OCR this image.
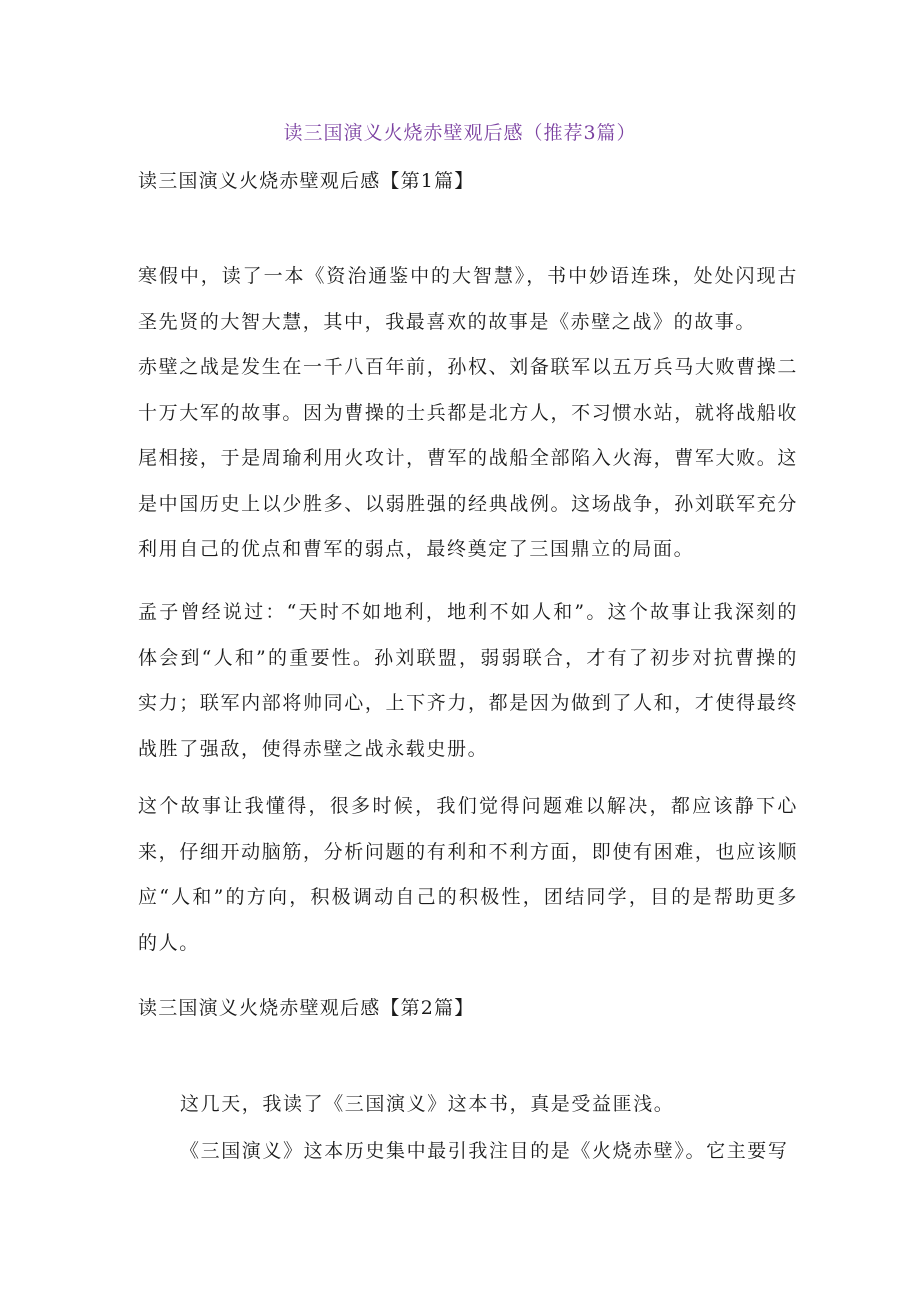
读三国演义火烧赤壁观后感（推荐3篇）
读三国演义火烧赤壁观后感【第1篇】

寒假中，读了一本《资治通鉴中的大智慧》，书中妙语连珠，处处闪现古圣先贤的大智大慧，其中，我最喜欢的故事是《赤壁之战》的故事。

赤壁之战是发生在一千八百年前，孙权、刘备联军以五万兵马大败曹操二十万大军的故事。因为曹操的士兵都是北方人，不习惯水站，就将战船收尾相接，于是周瑜利用火攻计，曹军的战船全部陷入火海，曹军大败。这是中国历史上以少胜多、以弱胜强的经典战例。这场战争，孙刘联军充分利用自己的优点和曹军的弱点，最终奠定了三国鼎立的局面。

孟子曾经说过：“天时不如地利，地利不如人和”。这个故事让我深刻的体会到“人和”的重要性。孙刘联盟，弱弱联合，才有了初步对抗曹操的实力；联军内部将帅同心，上下齐力，都是因为做到了人和，才使得最终战胜了强敌，使得赤壁之战永载史册。

这个故事让我懂得，很多时候，我们觉得问题难以解决，都应该静下心来，仔细开动脑筋，分析问题的有利和不利方面，即使有困难，也应该顺应“人和”的方向，积极调动自己的积极性，团结同学，目的是帮助更多的人。

读三国演义火烧赤壁观后感【第2篇】

这几天，我读了《三国演义》这本书，真是受益匪浅。

《三国演义》这本历史集中最引我注目的是《火烧赤壁》。它主要写
